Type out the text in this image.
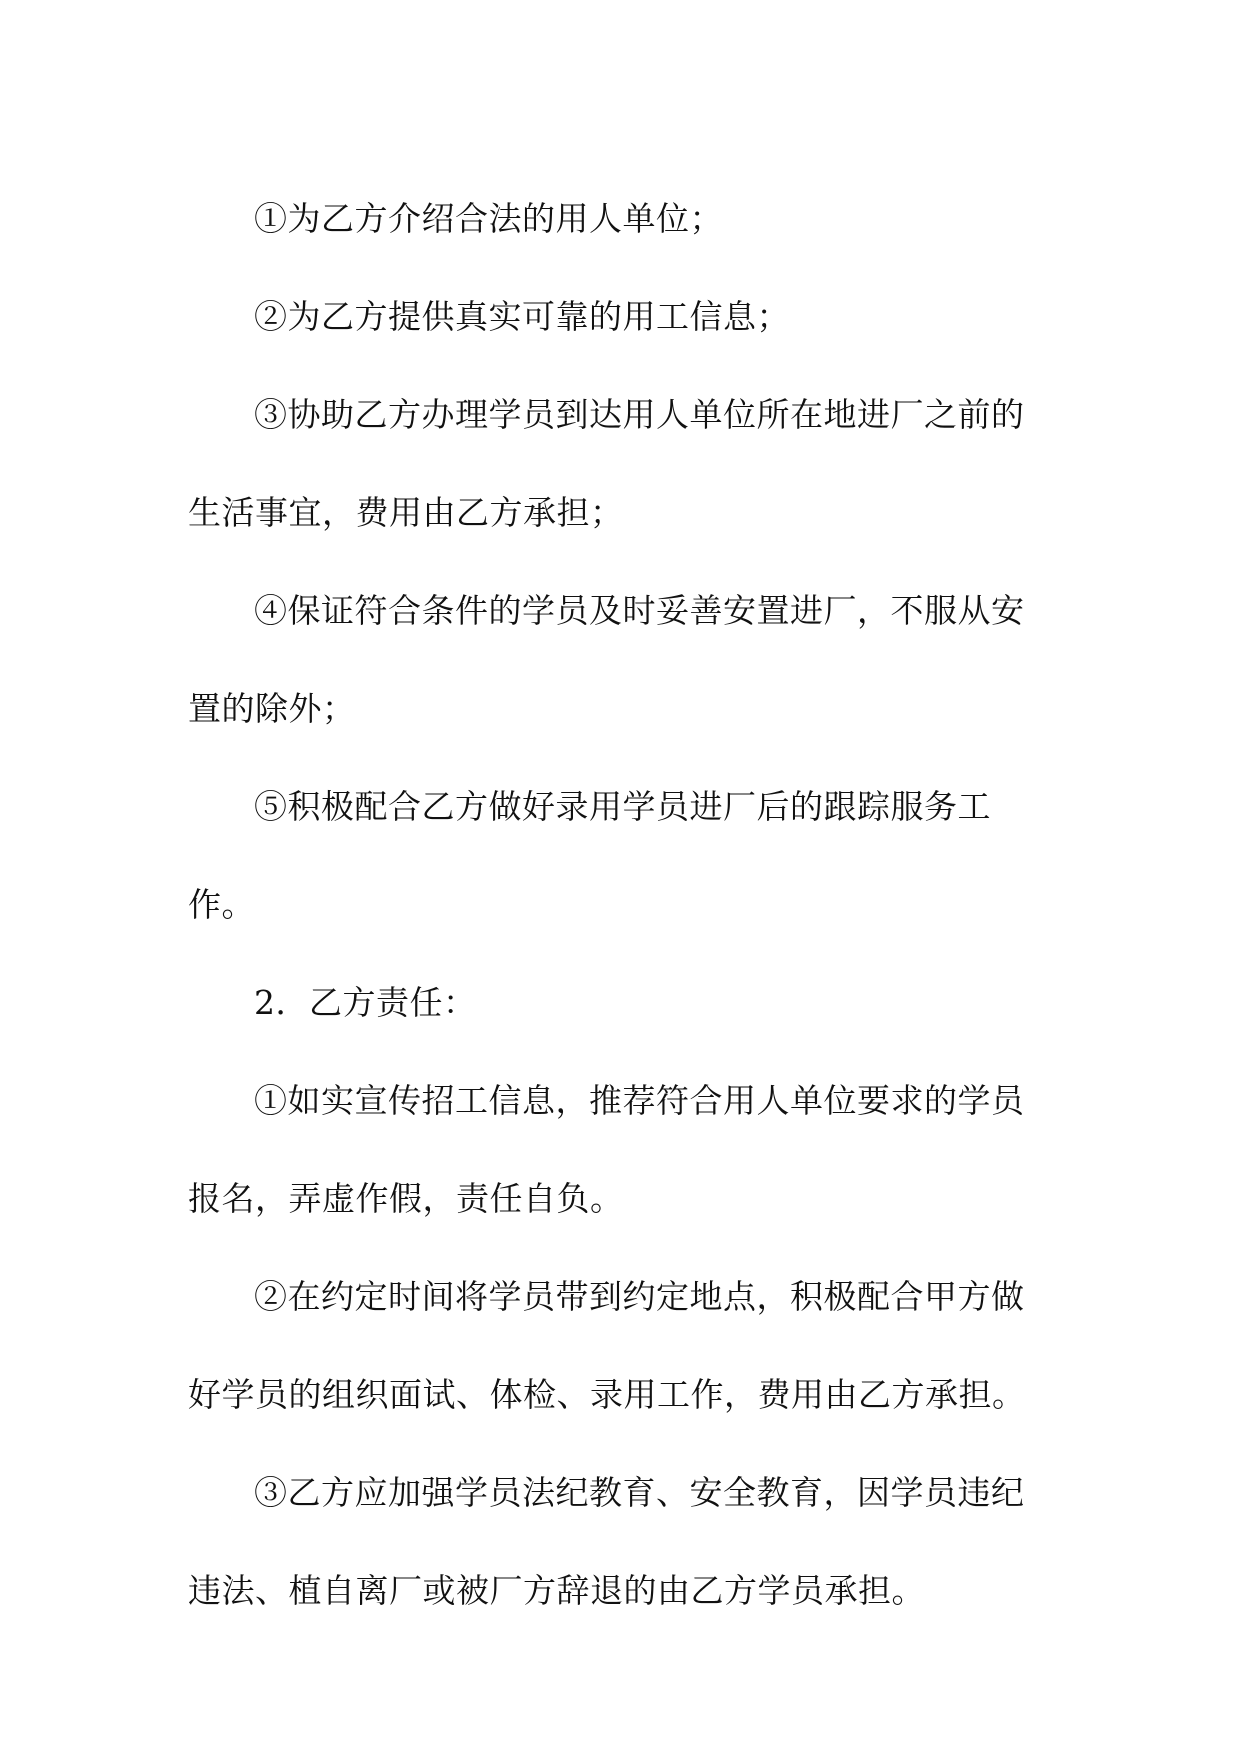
①为乙方介绍合法的用人单位；

②为乙方提供真实可靠的用工信息；

③协助乙方办理学员到达用人单位所在地进厂之前的

生活事宜，费用由乙方承担；

④保证符合条件的学员及时妥善安置进厂，不服从安

置的除外；

⑤积极配合乙方做好录用学员进厂后的跟踪服务工

作。

2．乙方责任：

①如实宣传招工信息，推荐符合用人单位要求的学员

报名，弄虚作假，责任自负。

②在约定时间将学员带到约定地点，积极配合甲方做

好学员的组织面试、体检、录用工作，费用由乙方承担。

③乙方应加强学员法纪教育、安全教育，因学员违纪

违法、植自离厂或被厂方辞退的由乙方学员承担。
